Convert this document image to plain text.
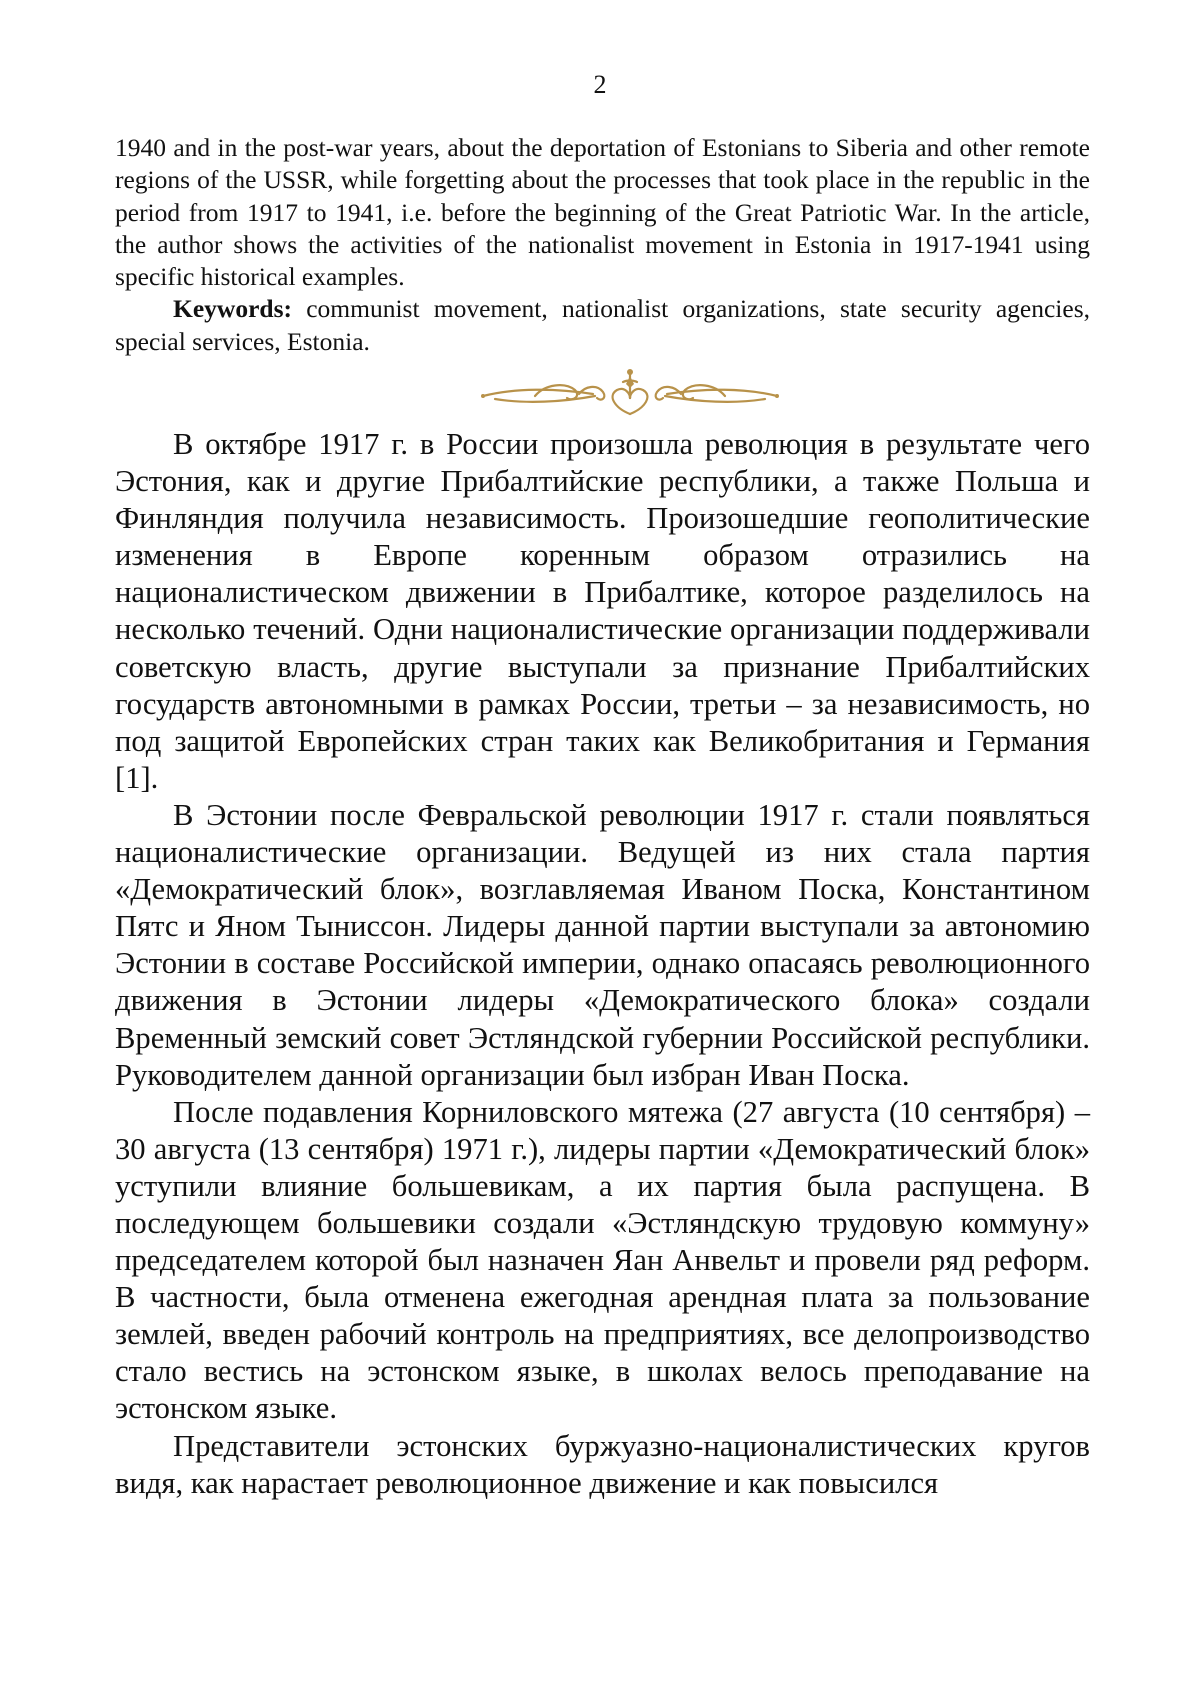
2

1940 and in the post-war years, about the deportation of Estonians to Siberia and other remote regions of the USSR, while forgetting about the processes that took place in the republic in the period from 1917 to 1941, i.e. before the beginning of the Great Patriotic War. In the article, the author shows the activities of the nationalist movement in Estonia in 1917-1941 using specific historical examples.

Keywords: communist movement, nationalist organizations, state security agencies, special services, Estonia.

В октябре 1917 г. в России произошла революция в результате чего Эстония, как и другие Прибалтийские республики, а также Польша и Финляндия получила независимость. Произошедшие геополитические изменения в Европе коренным образом отразились на националистическом движении в Прибалтике, которое разделилось на несколько течений. Одни националистические организации поддерживали советскую власть, другие выступали за признание Прибалтийских государств автономными в рамках России, третьи – за независимость, но под защитой Европейских стран таких как Великобритания и Германия [1].

В Эстонии после Февральской революции 1917 г. стали появляться националистические организации. Ведущей из них стала партия «Демократический блок», возглавляемая Иваном Поска, Константином Пятс и Яном Тыниссон. Лидеры данной партии выступали за автономию Эстонии в составе Российской империи, однако опасаясь революционного движения в Эстонии лидеры «Демократического блока» создали Временный земский совет Эстляндской губернии Российской республики. Руководителем данной организации был избран Иван Поска.

После подавления Корниловского мятежа (27 августа (10 сентября) – 30 августа (13 сентября) 1971 г.), лидеры партии «Демократический блок» уступили влияние большевикам, а их партия была распущена. В последующем большевики создали «Эстляндскую трудовую коммуну» председателем которой был назначен Яан Анвельт и провели ряд реформ. В частности, была отменена ежегодная арендная плата за пользование землей, введен рабочий контроль на предприятиях, все делопроизводство стало вестись на эстонском языке, в школах велось преподавание на эстонском языке.

Представители эстонских буржуазно-националистических кругов видя, как нарастает революционное движение и как повысился
